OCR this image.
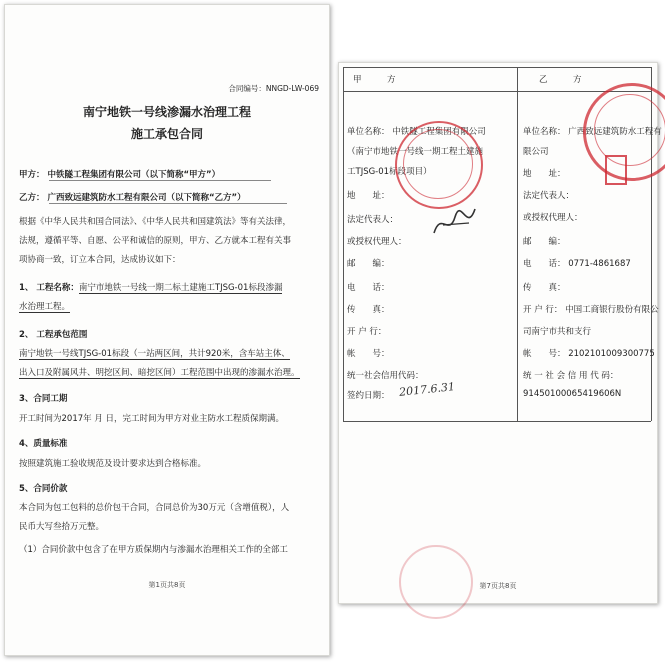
合同编号：NNGD-LW-069
南宁地铁一号线渗漏水治理工程
施工承包合同
甲方： 中铁隧工程集团有限公司（以下简称“甲方”）
乙方： 广西致远建筑防水工程有限公司（以下简称“乙方”）
根据《中华人民共和国合同法》、《中华人民共和国建筑法》等有关法律，
法规，遵循平等、自愿、公平和诚信的原则，甲方、乙方就本工程有关事
项协商一致，订立本合同，达成协议如下：
1、 工程名称：南宁市地铁一号线一期二标土建施工TJSG-01标段渗漏
水治理工程。
2、 工程承包范围
南宁地铁一号线TJSG-01标段（一站两区间，共计920米，含车站主体、
出入口及附属风井、明挖区间、暗挖区间）工程范围中出现的渗漏水治理。
3、合同工期
开工时间为2017年 月 日，完工时间为甲方对业主防水工程质保期满。
4、质量标准
按照建筑施工验收规范及设计要求达到合格标准。
5、合同价款
本合同为包工包料的总价包干合同，合同总价为30万元（含增值税），人
民币大写叁拾万元整。
（1）合同价款中包含了在甲方质保期内与渗漏水治理相关工作的全部工
第1页共8页
甲　　　方	乙　　　方
单位名称： 中铁隧工程集团有限公司
（南宁市地铁一号线一期工程土建施
工TJSG-01标段项目）
地　　址：
法定代表人：
或授权代理人：
邮　　编：
电　　话：
传　　真：
开 户 行：
帐　　号：
统一社会信用代码：
签约日期： 2017.6.31
单位名称： 广西致远建筑防水工程有
限公司
地　　址：
法定代表人：
或授权代理人：
邮　　编：
电　　话： 0771-4861687
传　　真：
开 户 行： 中国工商银行股份有限公
司南宁市共和支行
帐　　号： 2102101009300775
统 一 社 会 信 用 代 码：
91450100065419606N
第7页共8页
